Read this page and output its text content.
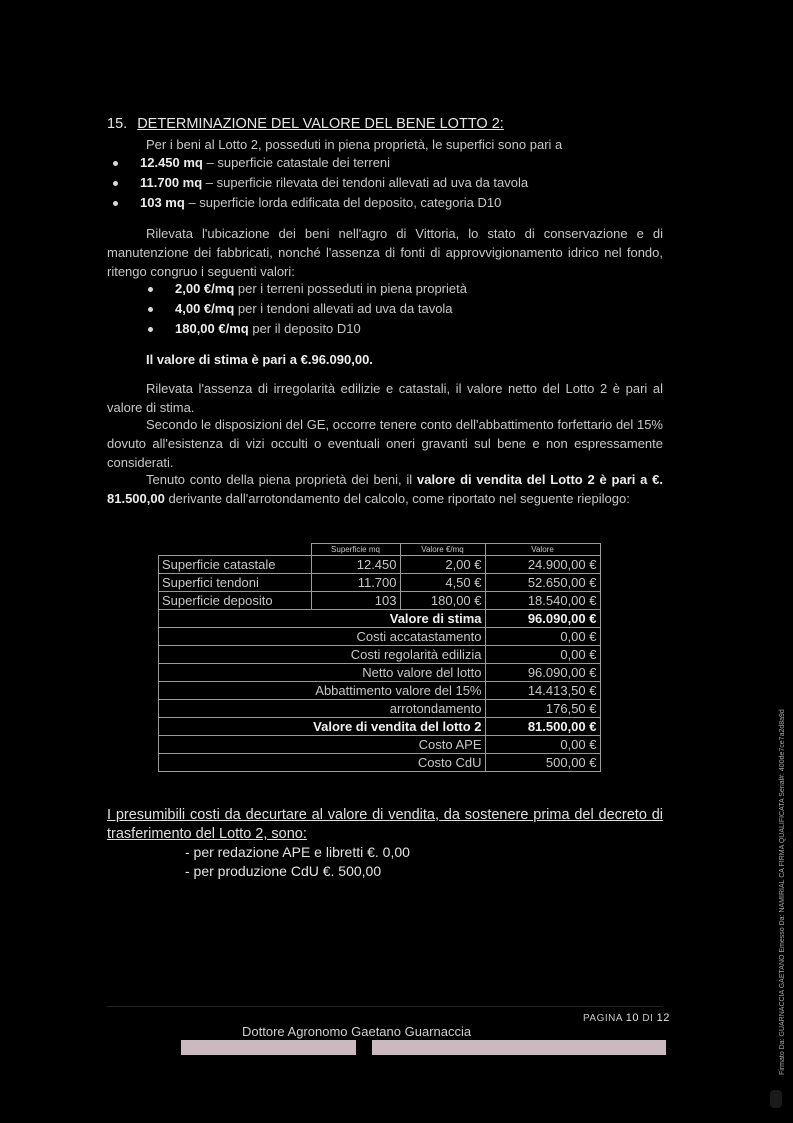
15. DETERMINAZIONE DEL VALORE DEL BENE LOTTO 2:
Per i beni al Lotto 2, posseduti in piena proprietà, le superfici sono pari a
12.450 mq – superficie catastale dei terreni
11.700 mq – superficie rilevata dei tendoni allevati ad uva da tavola
103 mq – superficie lorda edificata del deposito, categoria D10
Rilevata l'ubicazione dei beni nell'agro di Vittoria, lo stato di conservazione e di manutenzione dei fabbricati, nonché l'assenza di fonti di approvvigionamento idrico nel fondo, ritengo congruo i seguenti valori:
2,00 €/mq per i terreni posseduti in piena proprietà
4,00 €/mq per i tendoni allevati ad uva da tavola
180,00 €/mq per il deposito D10
Il valore di stima è pari a €.96.090,00.
Rilevata l'assenza di irregolarità edilizie e catastali, il valore netto del Lotto 2 è pari al valore di stima.
Secondo le disposizioni del GE, occorre tenere conto dell'abbattimento forfettario del 15% dovuto all'esistenza di vizi occulti o eventuali oneri gravanti sul bene e non espressamente considerati.
Tenuto conto della piena proprietà dei beni, il valore di vendita del Lotto 2 è pari a €. 81.500,00 derivante dall'arrotondamento del calcolo, come riportato nel seguente riepilogo:
	Superficie mq	Valore €/mq	Valore
Superficie catastale	12.450	2,00 €	24.900,00 €
Superfici tendoni	11.700	4,50 €	52.650,00 €
Superficie deposito	103	180,00 €	18.540,00 €
Valore di stima			96.090,00 €
Costi accatastamento			0,00 €
Costi regolarità edilizia			0,00 €
Netto valore del lotto			96.090,00 €
Abbattimento valore del 15%			14.413,50 €
arrotondamento			176,50 €
Valore di vendita del lotto 2			81.500,00 €
Costo APE			0,00 €
Costo CdU			500,00 €
I presumibili costi da decurtare al valore di vendita, da sostenere prima del decreto di trasferimento del Lotto 2, sono:
- per redazione APE e libretti €. 0,00
- per produzione CdU €. 500,00
PAGINA 10 DI 12
Dottore Agronomo Gaetano Guarnaccia	Firmato Da: GUARNACCIA GAETANO Emesso Da: NAMIRIAL CA FIRMA QUALIFICATA Serial#: 400de7ce7a2d8a9d
